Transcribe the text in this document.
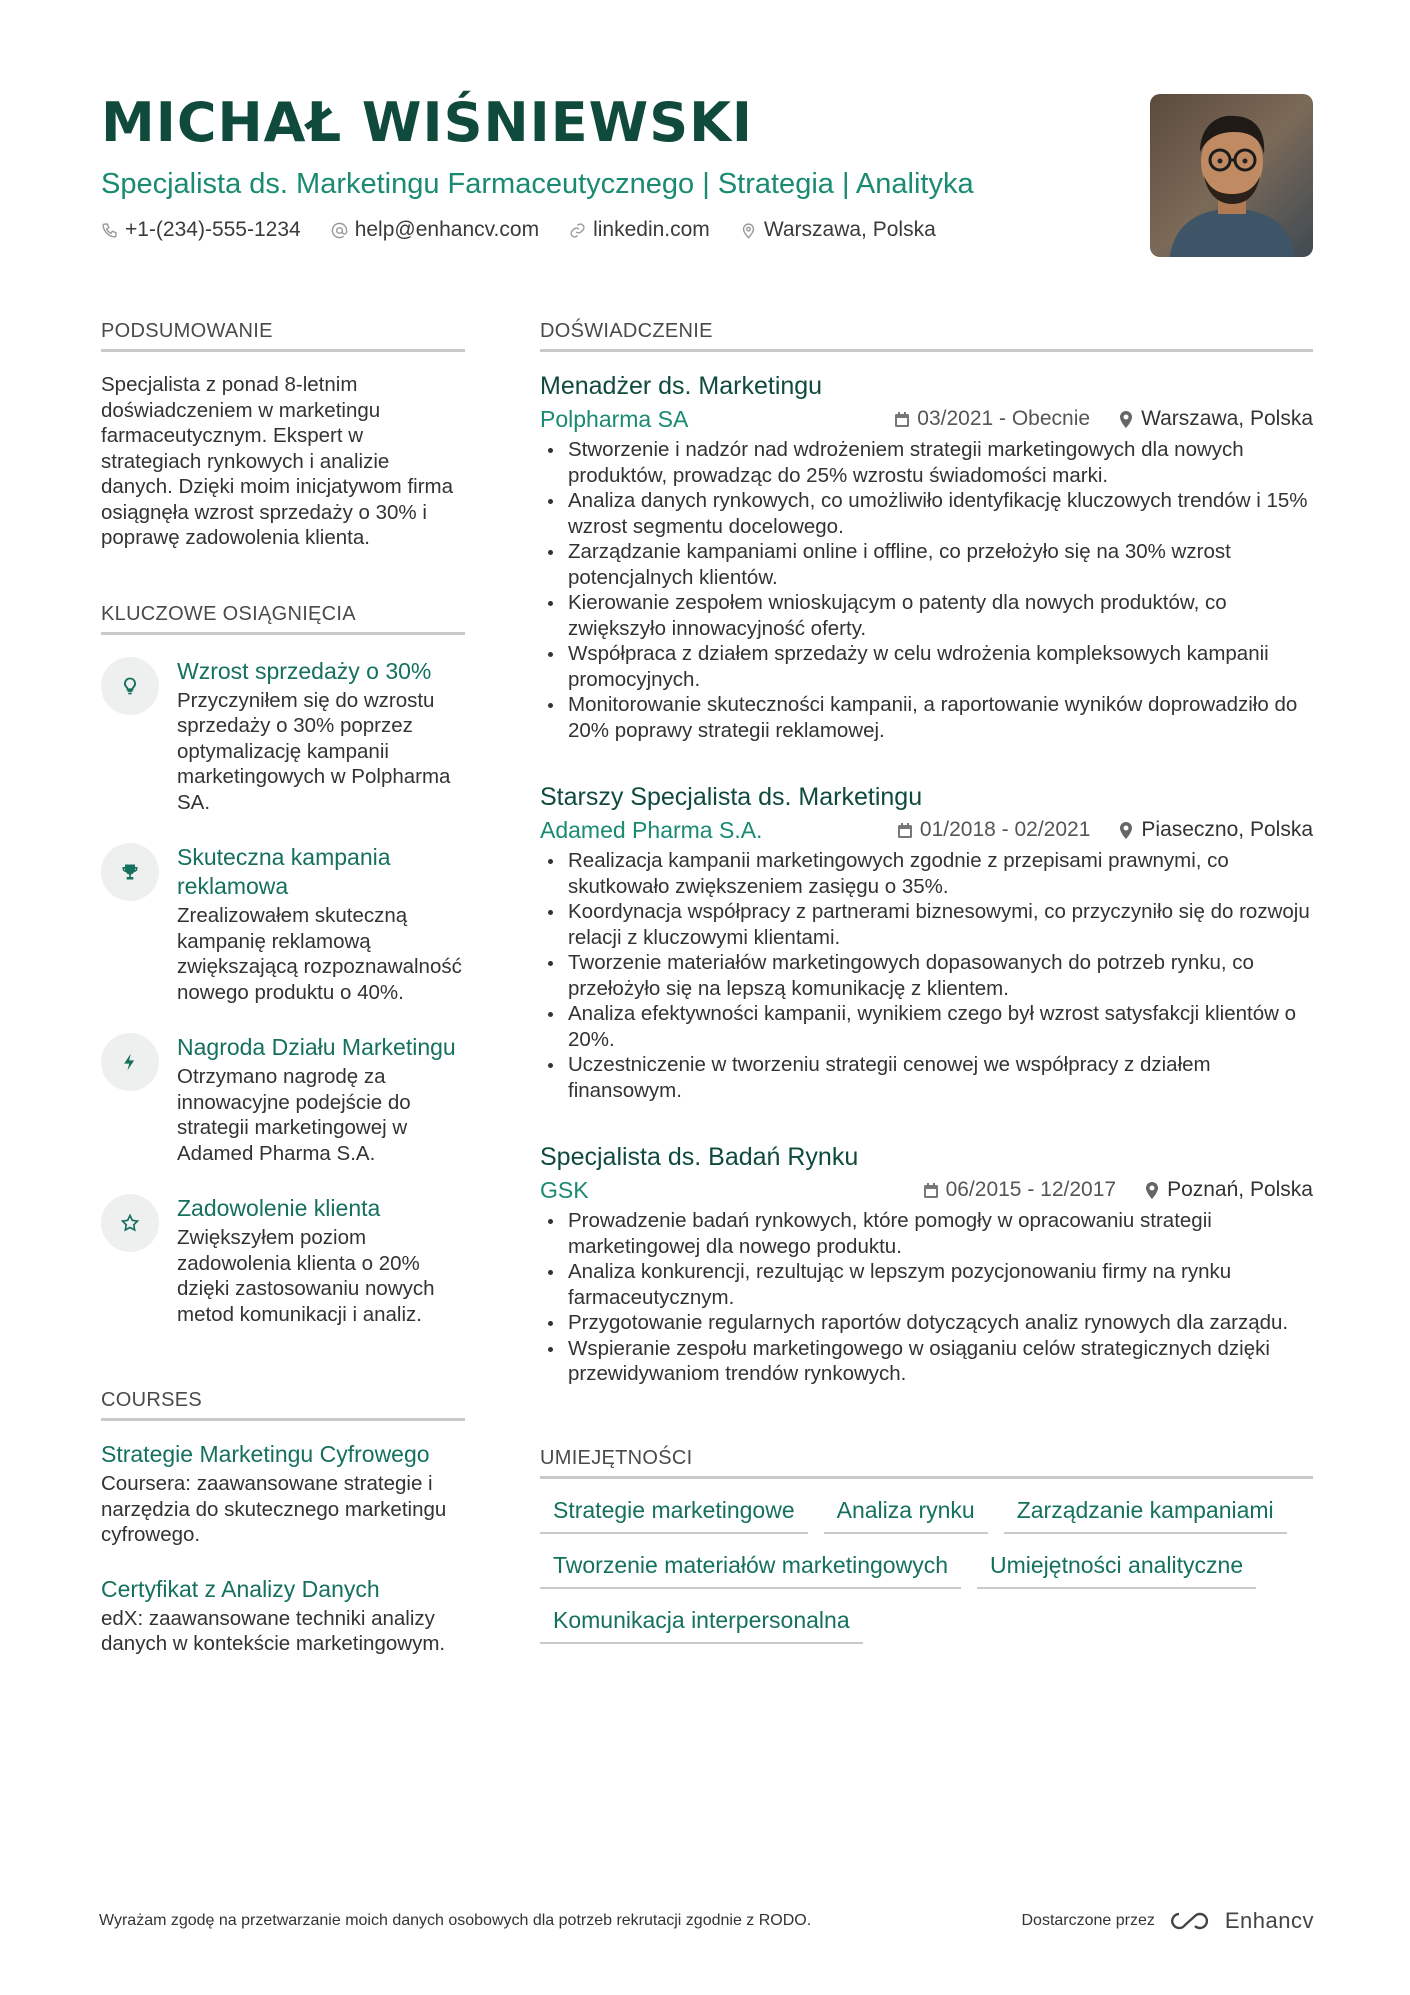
MICHAŁ WIŚNIEWSKI
Specjalista ds. Marketingu Farmaceutycznego | Strategia | Analityka
+1-(234)-555-1234	help@enhancv.com	linkedin.com	Warszawa, Polska
PODSUMOWANIE

Specjalista z ponad 8-letnim doświadczeniem w marketingu farmaceutycznym. Ekspert w strategiach rynkowych i analizie danych. Dzięki moim inicjatywom firma osiągnęła wzrost sprzedaży o 30% i poprawę zadowolenia klienta.

KLUCZOWE OSIĄGNIĘCIA
Wzrost sprzedaży o 30%
Przyczyniłem się do wzrostu sprzedaży o 30% poprzez optymalizację kampanii marketingowych w Polpharma SA.
Skuteczna kampania reklamowa
Zrealizowałem skuteczną kampanię reklamową zwiększającą rozpoznawalność nowego produktu o 40%.
Nagroda Działu Marketingu
Otrzymano nagrodę za innowacyjne podejście do strategii marketingowej w Adamed Pharma S.A.
Zadowolenie klienta
Zwiększyłem poziom zadowolenia klienta o 20% dzięki zastosowaniu nowych metod komunikacji i analiz.
COURSES
Strategie Marketingu Cyfrowego
Coursera: zaawansowane strategie i narzędzia do skutecznego marketingu cyfrowego.
Certyfikat z Analizy Danych
edX: zaawansowane techniki analizy danych w kontekście marketingowym.
DOŚWIADCZENIE
Menadżer ds. Marketingu
Polpharma SA	03/2021 - Obecnie Warszawa, Polska
Stworzenie i nadzór nad wdrożeniem strategii marketingowych dla nowych produktów, prowadząc do 25% wzrostu świadomości marki.
Analiza danych rynkowych, co umożliwiło identyfikację kluczowych trendów i 15% wzrost segmentu docelowego.
Zarządzanie kampaniami online i offline, co przełożyło się na 30% wzrost potencjalnych klientów.
Kierowanie zespołem wnioskującym o patenty dla nowych produktów, co zwiększyło innowacyjność oferty.
Współpraca z działem sprzedaży w celu wdrożenia kompleksowych kampanii promocyjnych.
Monitorowanie skuteczności kampanii, a raportowanie wyników doprowadziło do 20% poprawy strategii reklamowej.
Starszy Specjalista ds. Marketingu
Adamed Pharma S.A.	01/2018 - 02/2021 Piaseczno, Polska
Realizacja kampanii marketingowych zgodnie z przepisami prawnymi, co skutkowało zwiększeniem zasięgu o 35%.
Koordynacja współpracy z partnerami biznesowymi, co przyczyniło się do rozwoju relacji z kluczowymi klientami.
Tworzenie materiałów marketingowych dopasowanych do potrzeb rynku, co przełożyło się na lepszą komunikację z klientem.
Analiza efektywności kampanii, wynikiem czego był wzrost satysfakcji klientów o 20%.
Uczestniczenie w tworzeniu strategii cenowej we współpracy z działem finansowym.
Specjalista ds. Badań Rynku
GSK	06/2015 - 12/2017 Poznań, Polska
Prowadzenie badań rynkowych, które pomogły w opracowaniu strategii marketingowej dla nowego produktu.
Analiza konkurencji, rezultując w lepszym pozycjonowaniu firmy na rynku farmaceutycznym.
Przygotowanie regularnych raportów dotyczących analiz rynowych dla zarządu.
Wspieranie zespołu marketingowego w osiąganiu celów strategicznych dzięki przewidywaniom trendów rynkowych.
UMIEJĘTNOŚCI
Strategie marketingowe	Analiza rynku	Zarządzanie kampaniami
Tworzenie materiałów marketingowych	Umiejętności analityczne
Komunikacja interpersonalna
Wyrażam zgodę na przetwarzanie moich danych osobowych dla potrzeb rekrutacji zgodnie z RODO.	Dostarczone przez	Enhancv
